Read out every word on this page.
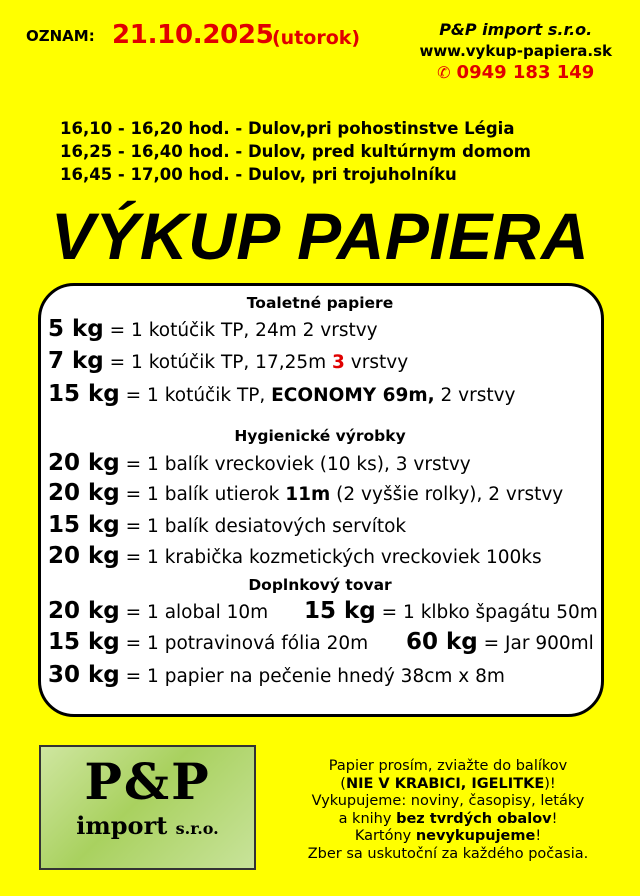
OZNAM: 21.10.2025
(utorok)	P&P import s.r.o.
www.vykup-papiera.sk
✆ 0949 183 149
16,10 - 16,20 hod. - Dulov,pri pohostinstve Légia
16,25 - 16,40 hod. - Dulov, pred kultúrnym domom
16,45 - 17,00 hod. - Dulov, pri trojuholníku
VÝKUP PAPIERA
Toaletné papiere
5 kg = 1 kotúčik TP, 24m 2 vrstvy
7 kg = 1 kotúčik TP, 17,25m 3 vrstvy
15 kg = 1 kotúčik TP, ECONOMY 69m, 2 vrstvy
Hygienické výrobky
20 kg = 1 balík vreckoviek (10 ks), 3 vrstvy
20 kg = 1 balík utierok 11m (2 vyššie rolky), 2 vrstvy
15 kg = 1 balík desiatových servítok
20 kg = 1 krabička kozmetických vreckoviek 100ks
Doplnkový tovar
20 kg = 1 alobal 10m 15 kg = 1 klbko špagátu 50m
15 kg = 1 potravinová fólia 20m 60 kg = Jar 900ml
30 kg = 1 papier na pečenie hnedý 38cm x 8m
P&P
import s.r.o.
Papier prosím, zviažte do balíkov
(NIE V KRABICI, IGELITKE)!
Vykupujeme: noviny, časopisy, letáky
a knihy bez tvrdých obalov!
Kartóny nevykupujeme!
Zber sa uskutoční za každého počasia.
